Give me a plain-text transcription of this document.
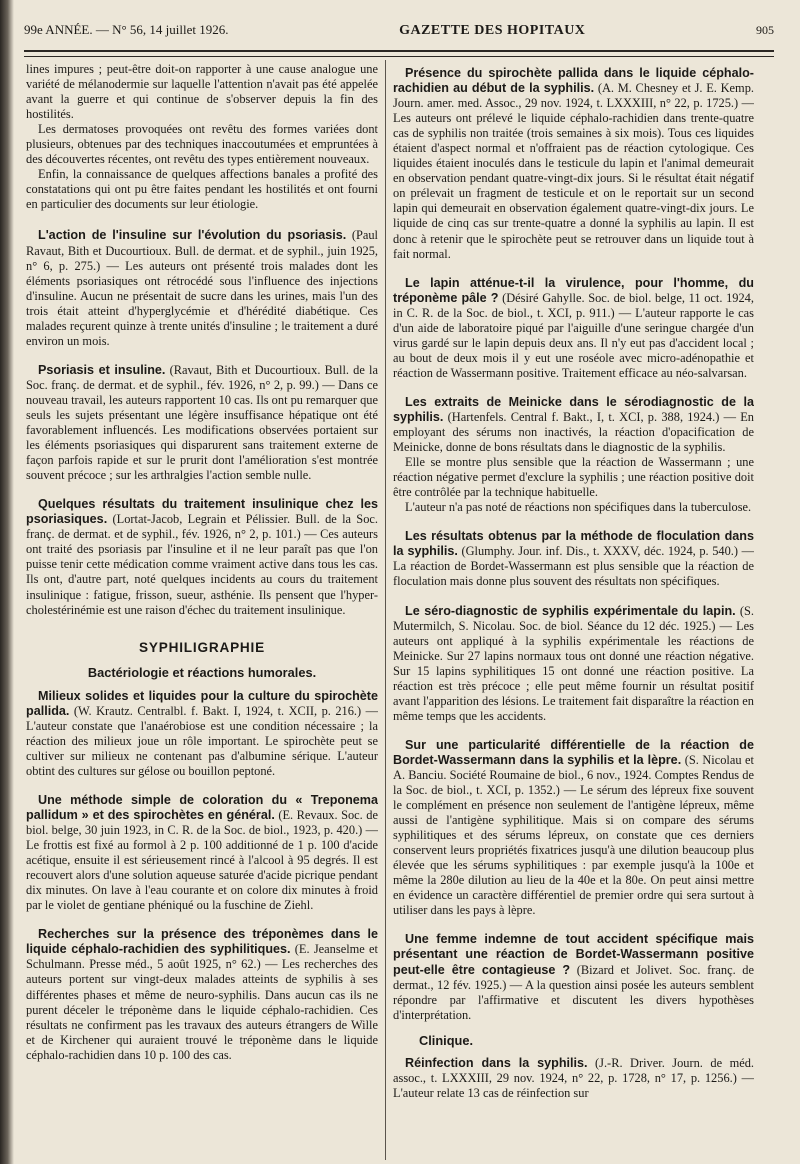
99e ANNÉE. — N° 56, 14 juillet 1926.	GAZETTE DES HOPITAUX	905

lines impures ; peut-être doit-on rapporter à une cause analogue une variété de mélanodermie sur laquelle l'attention n'avait pas été appelée avant la guerre et qui continue de s'observer depuis la fin des hostilités.

Les dermatoses provoquées ont revêtu des formes variées dont plusieurs, obtenues par des techniques inaccoutumées et empruntées à des découvertes récentes, ont revêtu des types entièrement nouveaux.

Enfin, la connaissance de quelques affections banales a profité des constatations qui ont pu être faites pendant les hostilités et ont fourni en particulier des documents sur leur étiologie.

L'action de l'insuline sur l'évolution du psoriasis. (Paul Ravaut, Bith et Ducourtioux. Bull. de dermat. et de syphil., juin 1925, n° 6, p. 275.) — Les auteurs ont présenté trois malades dont les éléments psoriasiques ont rétrocédé sous l'influence des injections d'insuline. Aucun ne présentait de sucre dans les urines, mais l'un des trois était atteint d'hyperglycémie et d'hérédité diabétique. Ces malades reçurent quinze à trente unités d'insuline ; le traitement a duré environ un mois.

Psoriasis et insuline. (Ravaut, Bith et Ducourtioux. Bull. de la Soc. franç. de dermat. et de syphil., fév. 1926, n° 2, p. 99.) — Dans ce nouveau travail, les auteurs rapportent 10 cas. Ils ont pu remarquer que seuls les sujets présentant une légère insuffisance hépatique ont été favorablement influencés. Les modifications observées portaient sur les éléments psoriasiques qui disparurent sans traitement externe de façon parfois rapide et sur le prurit dont l'amélioration s'est montrée souvent précoce ; sur les arthralgies l'action semble nulle.

Quelques résultats du traitement insulinique chez les psoriasiques. (Lortat-Jacob, Legrain et Pélissier. Bull. de la Soc. franç. de dermat. et de syphil., fév. 1926, n° 2, p. 101.) — Ces auteurs ont traité des psoriasis par l'insuline et il ne leur paraît pas que l'on puisse tenir cette médication comme vraiment active dans tous les cas. Ils ont, d'autre part, noté quelques incidents au cours du traitement insulinique : fatigue, frisson, sueur, asthénie. Ils pensent que l'hyper-cholestérinémie est une raison d'échec du traitement insulinique.

SYPHILIGRAPHIE
Bactériologie et réactions humorales.

Milieux solides et liquides pour la culture du spirochète pallida. (W. Krautz. Centralbl. f. Bakt. I, 1924, t. XCII, p. 216.) — L'auteur constate que l'anaérobiose est une condition nécessaire ; la réaction des milieux joue un rôle important. Le spirochète peut se cultiver sur milieux ne contenant pas d'albumine sérique. L'auteur obtint des cultures sur gélose ou bouillon peptoné.

Une méthode simple de coloration du « Treponema pallidum » et des spirochètes en général. (E. Revaux. Soc. de biol. belge, 30 juin 1923, in C. R. de la Soc. de biol., 1923, p. 420.) — Le frottis est fixé au formol à 2 p. 100 additionné de 1 p. 100 d'acide acétique, ensuite il est sérieusement rincé à l'alcool à 95 degrés. Il est recouvert alors d'une solution aqueuse saturée d'acide picrique pendant dix minutes. On lave à l'eau courante et on colore dix minutes à froid par le violet de gentiane phéniqué ou la fuschine de Ziehl.

Recherches sur la présence des tréponèmes dans le liquide céphalo-rachidien des syphilitiques. (E. Jeanselme et Schulmann. Presse méd., 5 août 1925, n° 62.) — Les recherches des auteurs portent sur vingt-deux malades atteints de syphilis à ses différentes phases et même de neuro-syphilis. Dans aucun cas ils ne purent déceler le tréponème dans le liquide céphalo-rachidien. Ces résultats ne confirment pas les travaux des auteurs étrangers de Wille et de Kirchener qui auraient trouvé le tréponème dans le liquide céphalo-rachidien dans 10 p. 100 des cas.

Présence du spirochète pallida dans le liquide céphalo-rachidien au début de la syphilis. (A. M. Chesney et J. E. Kemp. Journ. amer. med. Assoc., 29 nov. 1924, t. LXXXIII, n° 22, p. 1725.) — Les auteurs ont prélevé le liquide céphalo-rachidien dans trente-quatre cas de syphilis non traitée (trois semaines à six mois). Tous ces liquides étaient d'aspect normal et n'offraient pas de réaction cytologique. Ces liquides étaient inoculés dans le testicule du lapin et l'animal demeurait en observation pendant quatre-vingt-dix jours. Si le résultat était négatif on prélevait un fragment de testicule et on le reportait sur un second lapin qui demeurait en observation également quatre-vingt-dix jours. Le liquide de cinq cas sur trente-quatre a donné la syphilis au lapin. Il est donc à retenir que le spirochète peut se retrouver dans un liquide tout à fait normal.

Le lapin atténue-t-il la virulence, pour l'homme, du tréponème pâle ? (Désiré Gahylle. Soc. de biol. belge, 11 oct. 1924, in C. R. de la Soc. de biol., t. XCI, p. 911.) — L'auteur rapporte le cas d'un aide de laboratoire piqué par l'aiguille d'une seringue chargée d'un virus gardé sur le lapin depuis deux ans. Il n'y eut pas d'accident local ; au bout de deux mois il y eut une roséole avec micro-adénopathie et réaction de Wassermann positive. Traitement efficace au néo-salvarsan.

Les extraits de Meinicke dans le sérodiagnostic de la syphilis. (Hartenfels. Central f. Bakt., I, t. XCI, p. 388, 1924.) — En employant des sérums non inactivés, la réaction d'opacification de Meinicke, donne de bons résultats dans le diagnostic de la syphilis.

Elle se montre plus sensible que la réaction de Wassermann ; une réaction négative permet d'exclure la syphilis ; une réaction positive doit être contrôlée par la technique habituelle.

L'auteur n'a pas noté de réactions non spécifiques dans la tuberculose.

Les résultats obtenus par la méthode de floculation dans la syphilis. (Glumphy. Jour. inf. Dis., t. XXXV, déc. 1924, p. 540.) — La réaction de Bordet-Wassermann est plus sensible que la réaction de floculation mais donne plus souvent des résultats non spécifiques.

Le séro-diagnostic de syphilis expérimentale du lapin. (S. Mutermilch, S. Nicolau. Soc. de biol. Séance du 12 déc. 1925.) — Les auteurs ont appliqué à la syphilis expérimentale les réactions de Meinicke. Sur 27 lapins normaux tous ont donné une réaction négative. Sur 15 lapins syphilitiques 15 ont donné une réaction positive. La réaction est très précoce ; elle peut même fournir un résultat positif avant l'apparition des lésions. Le traitement fait disparaître la réaction en même temps que les accidents.

Sur une particularité différentielle de la réaction de Bordet-Wassermann dans la syphilis et la lèpre. (S. Nicolau et A. Banciu. Société Roumaine de biol., 6 nov., 1924. Comptes Rendus de la Soc. de biol., t. XCI, p. 1352.) — Le sérum des lépreux fixe souvent le complément en présence non seulement de l'antigène lépreux, même aussi de l'antigène syphilitique. Mais si on compare des sérums syphilitiques et des sérums lépreux, on constate que ces derniers conservent leurs propriétés fixatrices jusqu'à une dilution beaucoup plus élevée que les sérums syphilitiques : par exemple jusqu'à la 100e et même la 280e dilution au lieu de la 40e et la 80e. On peut ainsi mettre en évidence un caractère différentiel de premier ordre qui sera surtout à utiliser dans les pays à lèpre.

Une femme indemne de tout accident spécifique mais présentant une réaction de Bordet-Wassermann positive peut-elle être contagieuse ? (Bizard et Jolivet. Soc. franç. de dermat., 12 fév. 1925.) — A la question ainsi posée les auteurs semblent répondre par l'affirmative et discutent les divers hypothèses d'interprétation.

Clinique.

Réinfection dans la syphilis. (J.-R. Driver. Journ. de méd. assoc., t. LXXXIII, 29 nov. 1924, n° 22, p. 1728, n° 17, p. 1256.) — L'auteur relate 13 cas de réinfection sur
